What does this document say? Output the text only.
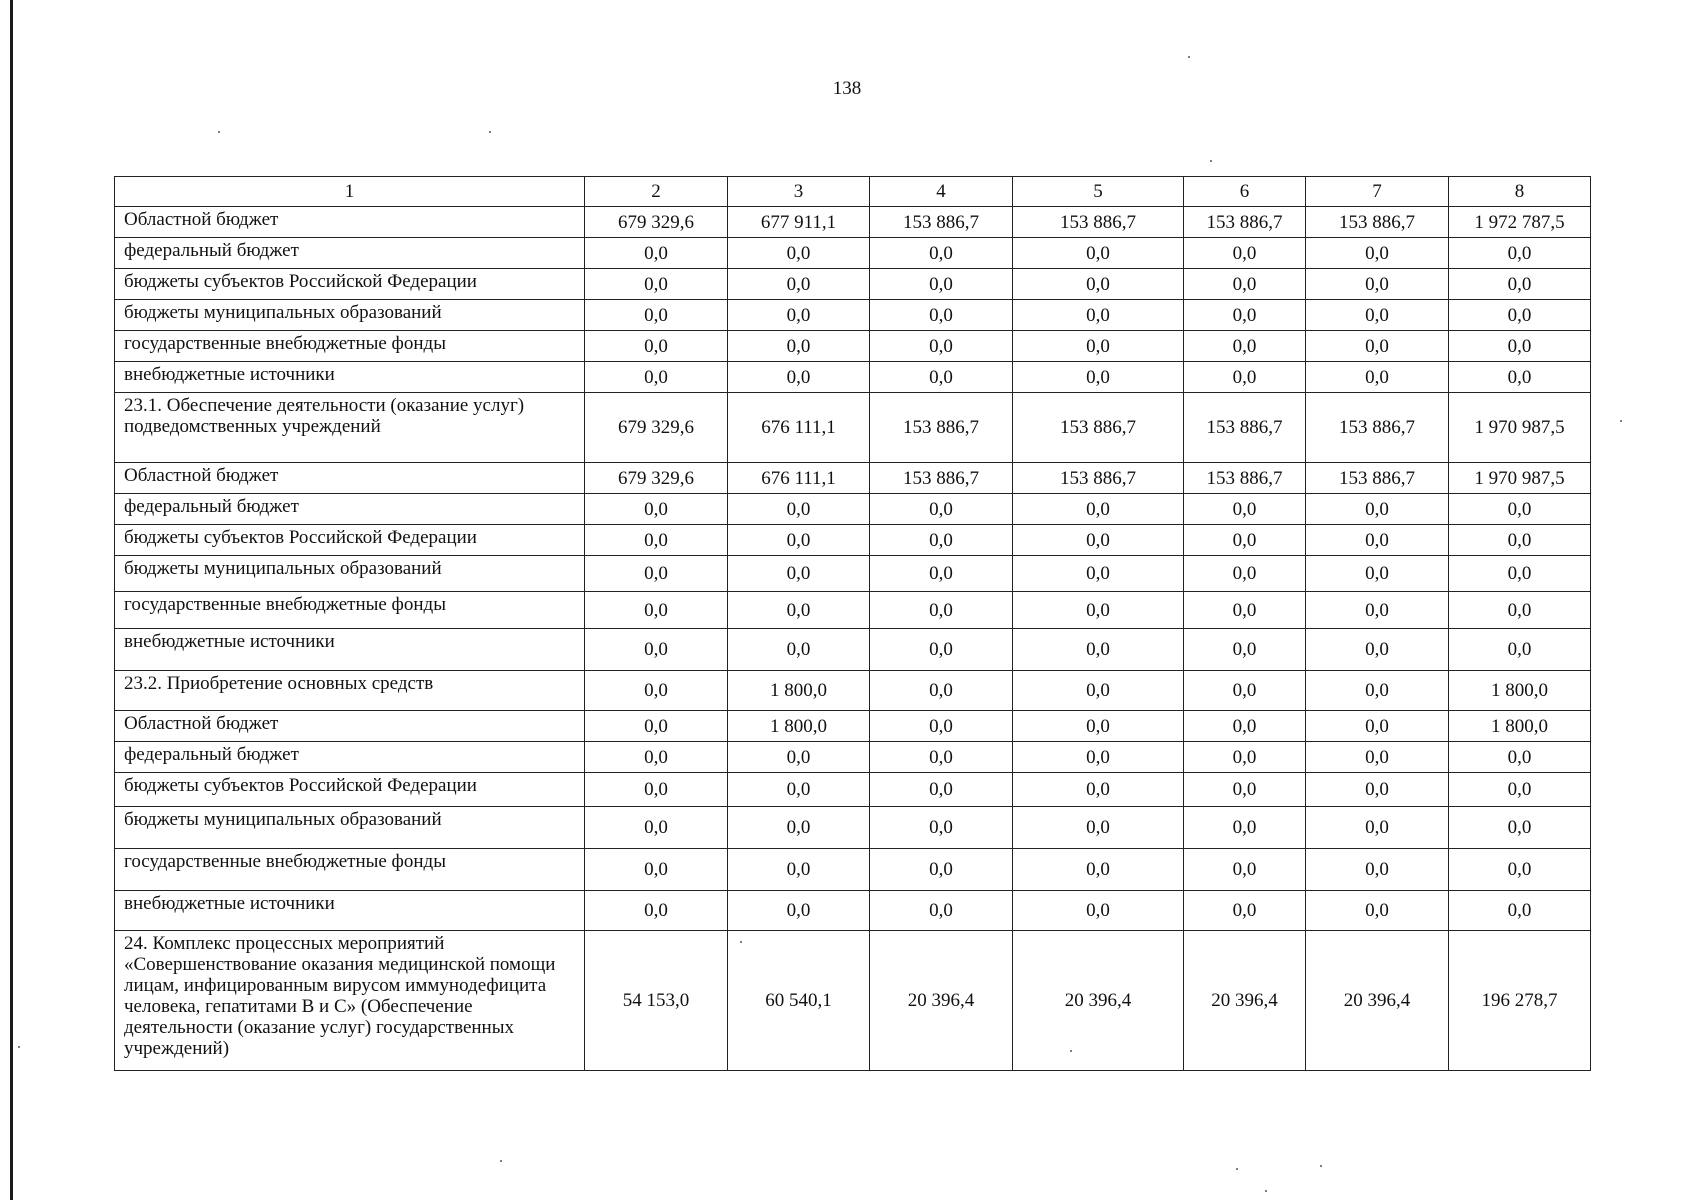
138
1	2	3	4	5	6	7	8
Областной бюджет	679 329,6	677 911,1	153 886,7	153 886,7	153 886,7	153 886,7	1 972 787,5
федеральный бюджет	0,0	0,0	0,0	0,0	0,0	0,0	0,0
бюджеты субъектов Российской Федерации	0,0	0,0	0,0	0,0	0,0	0,0	0,0
бюджеты муниципальных образований	0,0	0,0	0,0	0,0	0,0	0,0	0,0
государственные внебюджетные фонды	0,0	0,0	0,0	0,0	0,0	0,0	0,0
внебюджетные источники	0,0	0,0	0,0	0,0	0,0	0,0	0,0
23.1. Обеспечение деятельности (оказание услуг) подведомственных учреждений	679 329,6	676 111,1	153 886,7	153 886,7	153 886,7	153 886,7	1 970 987,5
Областной бюджет	679 329,6	676 111,1	153 886,7	153 886,7	153 886,7	153 886,7	1 970 987,5
федеральный бюджет	0,0	0,0	0,0	0,0	0,0	0,0	0,0
бюджеты субъектов Российской Федерации	0,0	0,0	0,0	0,0	0,0	0,0	0,0
бюджеты муниципальных образований	0,0	0,0	0,0	0,0	0,0	0,0	0,0
государственные внебюджетные фонды	0,0	0,0	0,0	0,0	0,0	0,0	0,0
внебюджетные источники	0,0	0,0	0,0	0,0	0,0	0,0	0,0
23.2. Приобретение основных средств	0,0	1 800,0	0,0	0,0	0,0	0,0	1 800,0
Областной бюджет	0,0	1 800,0	0,0	0,0	0,0	0,0	1 800,0
федеральный бюджет	0,0	0,0	0,0	0,0	0,0	0,0	0,0
бюджеты субъектов Российской Федерации	0,0	0,0	0,0	0,0	0,0	0,0	0,0
бюджеты муниципальных образований	0,0	0,0	0,0	0,0	0,0	0,0	0,0
государственные внебюджетные фонды	0,0	0,0	0,0	0,0	0,0	0,0	0,0
внебюджетные источники	0,0	0,0	0,0	0,0	0,0	0,0	0,0
24. Комплекс процессных мероприятий «Совершенствование оказания медицинской помощи лицам, инфицированным вирусом иммунодефицита человека, гепатитами В и С» (Обеспечение деятельности (оказание услуг) государственных учреждений)	54 153,0	60 540,1	20 396,4	20 396,4	20 396,4	20 396,4	196 278,7
